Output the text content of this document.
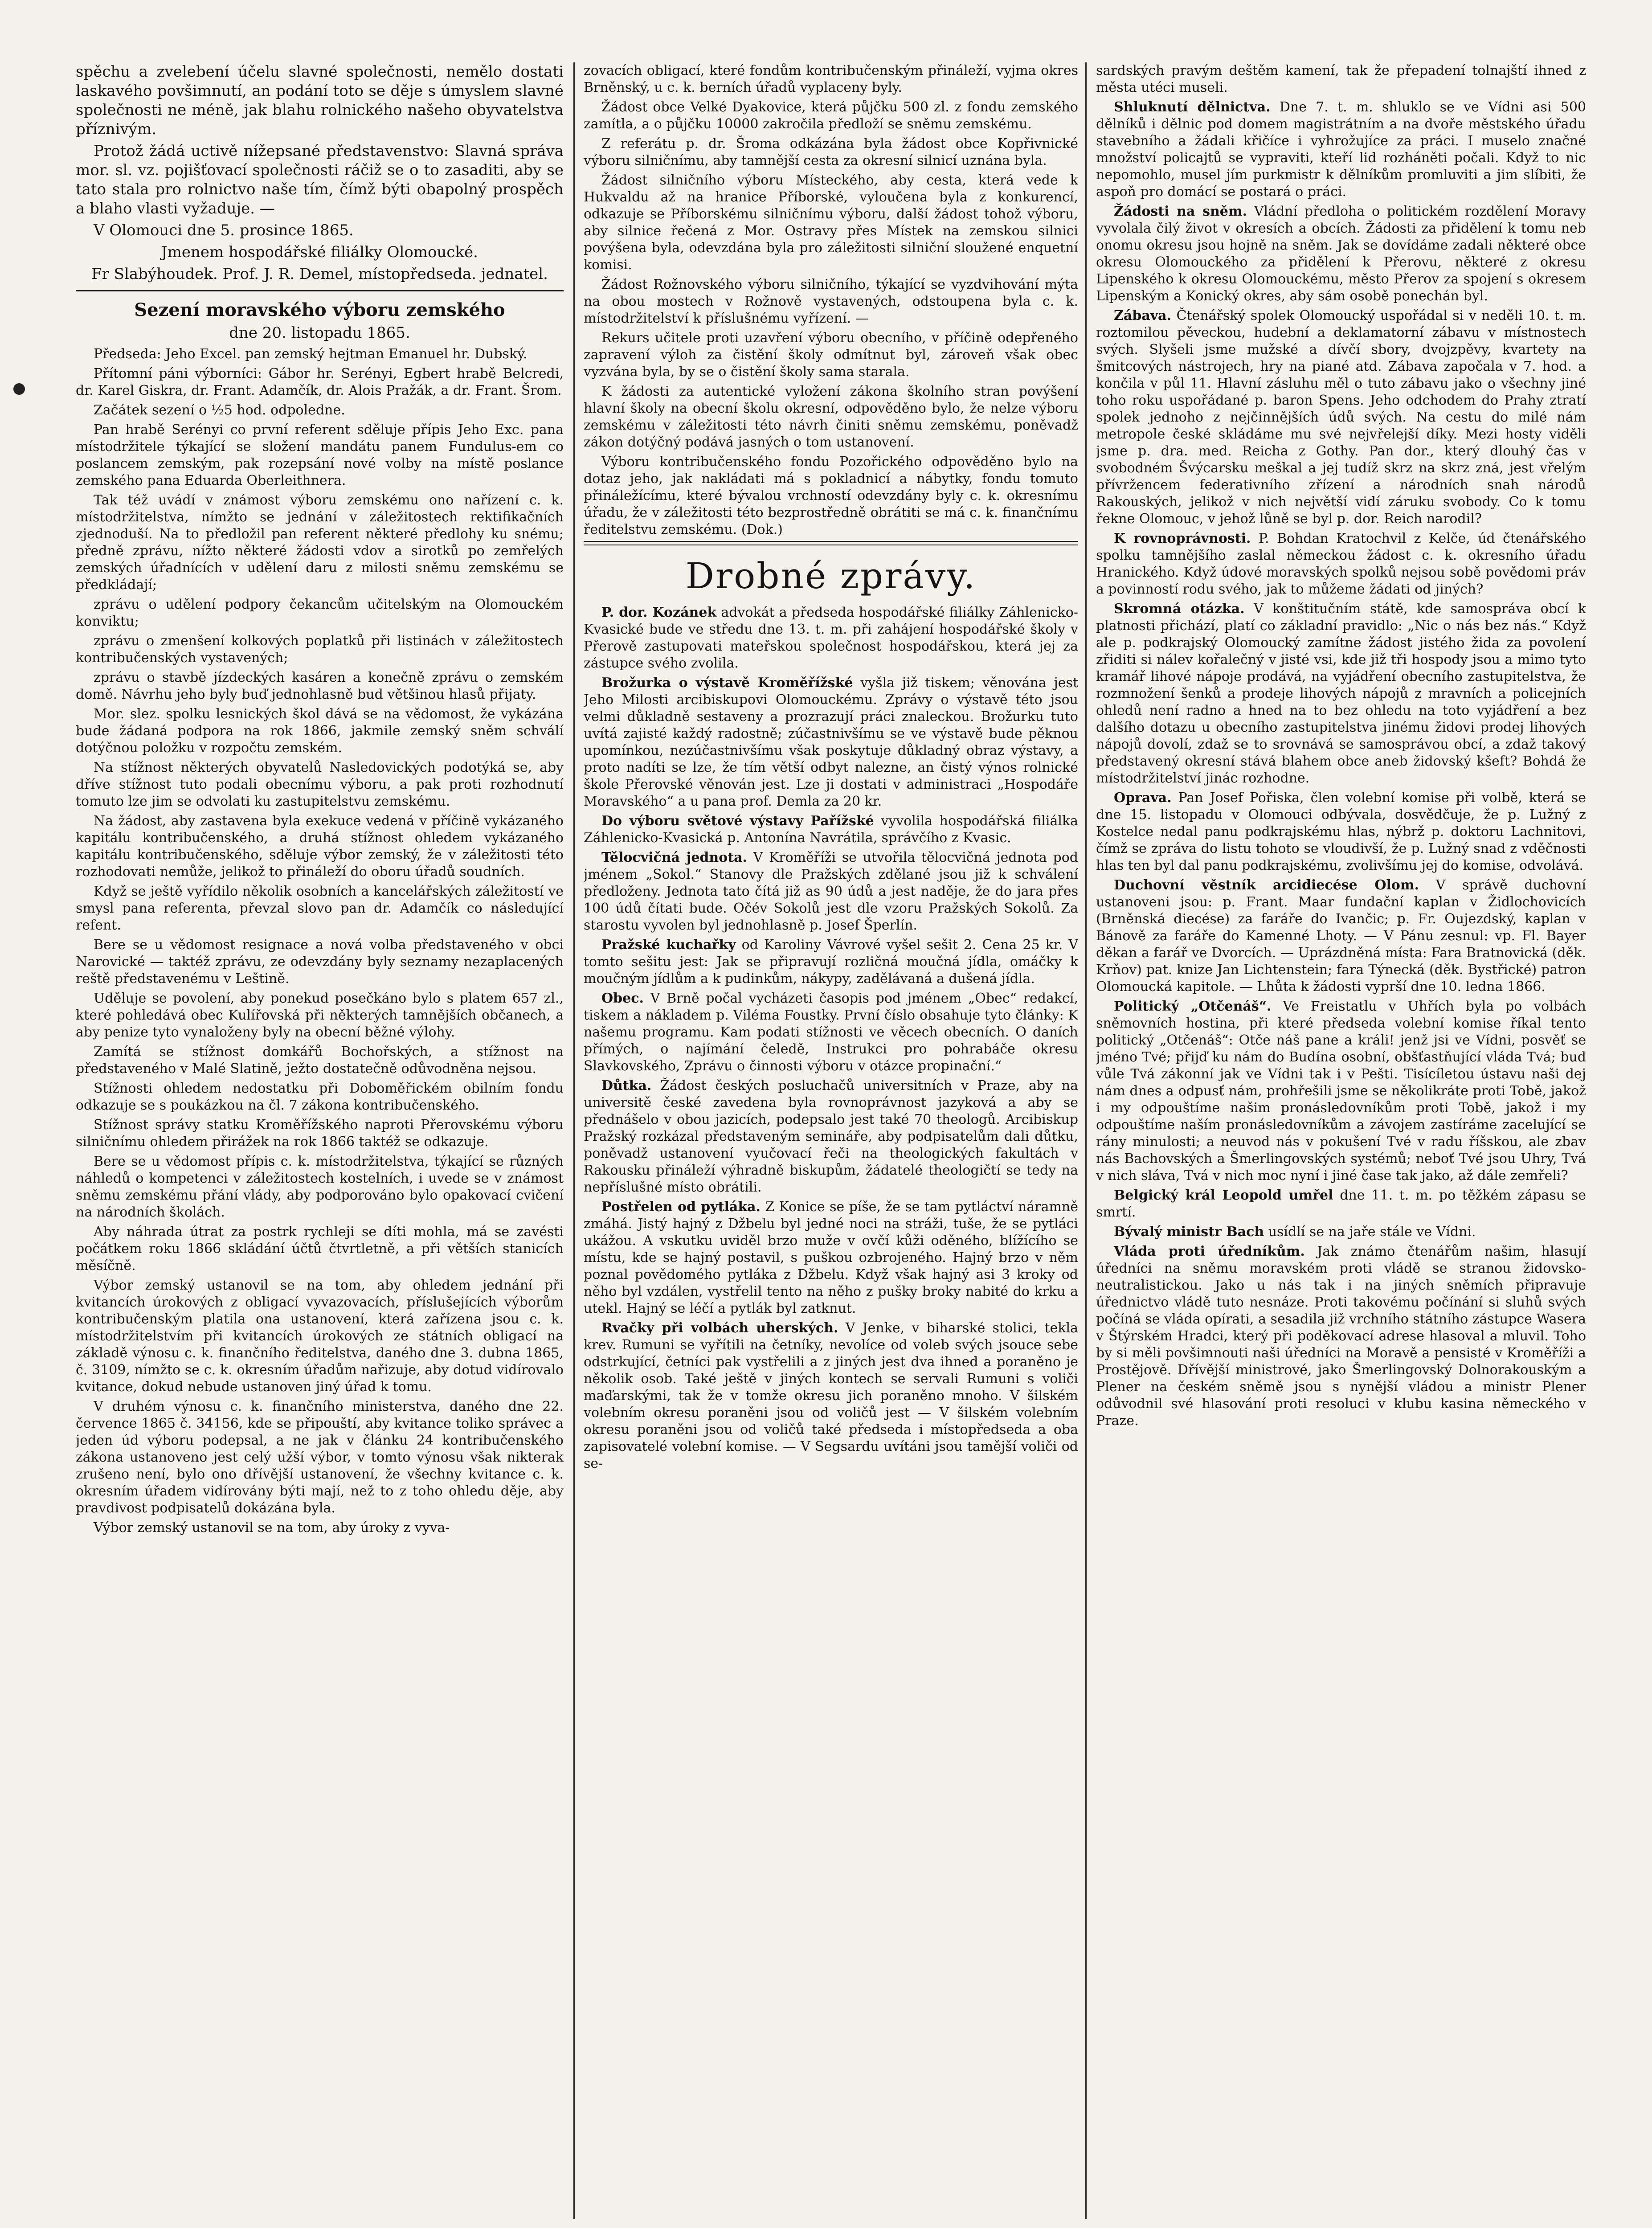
spěchu a zvelebení účelu slavné společnosti, nemělo dostati laskavého povšimnutí, an podání toto se děje s úmyslem slavné společnosti ne méně, jak blahu rolnického našeho obyvatelstva příznivým.

Protož žádá uctivě nížepsané představenstvo: Slavná správa mor. sl. vz. pojišťovací společnosti ráčiž se o to zasaditi, aby se tato stala pro rolnictvo naše tím, čímž býti obapolný prospěch a blaho vlasti vyžaduje. —

V Olomouci dne 5. prosince 1865.

Jmenem hospodářské filiálky Olomoucké.

Fr Slabýhoudek. Prof. J. R. Demel, místopředseda. jednatel.

Sezení moravského výboru zemského

dne 20. listopadu 1865.

Předseda: Jeho Excel. pan zemský hejtman Emanuel hr. Dubský.

Přítomní páni výborníci: Gábor hr. Serényi, Egbert hrabě Belcredi, dr. Karel Giskra, dr. Frant. Adamčík, dr. Alois Pražák, a dr. Frant. Šrom.

Začátek sezení o ½5 hod. odpoledne.

Pan hrabě Serényi co první referent sděluje přípis Jeho Exc. pana místodržitele týkající se složení mandátu panem Fundulus-em co poslancem zemským, pak rozepsání nové volby na místě poslance zemského pana Eduarda Oberleithnera.

Tak též uvádí v známost výboru zemskému ono nařízení c. k. místodržitelstva, nímžto se jednání v záležitostech rektifikačních zjednoduší. Na to předložil pan referent některé předlohy ku snému; předně zprávu, nížto některé žádosti vdov a sirotků po zemřelých zemských úřadnících v udělení daru z milosti sněmu zemskému se předkládají;

zprávu o udělení podpory čekancům učitelským na Olomouckém konviktu;

zprávu o zmenšení kolkových poplatků při listinách v záležitostech kontribučenských vystavených;

zprávu o stavbě jízdeckých kasáren a konečně zprávu o zemském domě. Návrhu jeho byly buď jednohlasně bud většinou hlasů přijaty.

Mor. slez. spolku lesnických škol dává se na vědomost, že vykázána bude žádaná podpora na rok 1866, jakmile zemský sněm schválí dotýčnou položku v rozpočtu zemském.

Na stížnost některých obyvatelů Nasledovických podotýká se, aby dříve stížnost tuto podali obecnímu výboru, a pak proti rozhodnutí tomuto lze jim se odvolati ku zastupitelstvu zemskému.

Na žádost, aby zastavena byla exekuce vedená v příčině vykázaného kapitálu kontribučenského, a druhá stížnost ohledem vykázaného kapitálu kontribučenského, sděluje výbor zemský, že v záležitosti této rozhodovati nemůže, jelikož to přináleží do oboru úřadů soudních.

Když se ještě vyřídilo několik osobních a kancelářských záležitostí ve smysl pana referenta, převzal slovo pan dr. Adamčík co následující refent.

Bere se u vědomost resignace a nová volba představeného v obci Narovické — taktéž zprávu, ze odevzdány byly seznamy nezaplacených reště představenému v Leštině.

Uděluje se povolení, aby ponekud posečkáno bylo s platem 657 zl., které pohledává obec Kulířovská při některých tamnějších občanech, a aby penize tyto vynaloženy byly na obecní běžné výlohy.

Zamítá se stížnost domkářů Bochořských, a stížnost na představeného v Malé Slatině, ježto dostatečně odůvodněna nejsou.

Stížnosti ohledem nedostatku při Doboměřickém obilním fondu odkazuje se s poukázkou na čl. 7 zákona kontribučenského.

Stížnost správy statku Kroměřížského naproti Přerovskému výboru silničnímu ohledem přirážek na rok 1866 taktéž se odkazuje.

Bere se u vědomost přípis c. k. místodržitelstva, týkající se různých náhledů o kompetenci v záležitostech kostelních, i uvede se v známost sněmu zemskému přání vlády, aby podporováno bylo opakovací cvičení na národních školách.

Aby náhrada útrat za postrk rychleji se díti mohla, má se zavésti počátkem roku 1866 skládání účtů čtvrtletně, a při větších stanicích měsíčně.

Výbor zemský ustanovil se na tom, aby ohledem jednání při kvitancích úrokových z obligací vyvazovacích, příslušejících výborům kontribučenským platila ona ustanovení, která zařízena jsou c. k. místodržitelstvím při kvitancích úrokových ze státních obligací na základě výnosu c. k. finančního ředitelstva, daného dne 3. dubna 1865, č. 3109, nímžto se c. k. okresním úřadům nařizuje, aby dotud vidírovalo kvitance, dokud nebude ustanoven jiný úřad k tomu.

V druhém výnosu c. k. finančního ministerstva, daného dne 22. července 1865 č. 34156, kde se připouští, aby kvitance toliko správec a jeden úd výboru podepsal, a ne jak v článku 24 kontribučenského zákona ustanoveno jest celý užší výbor, v tomto výnosu však nikterak zrušeno není, bylo ono dřívější ustanovení, že všechny kvitance c. k. okresním úřadem vidírovány býti mají, než to z toho ohledu děje, aby pravdivost podpisatelů dokázána byla.

Výbor zemský ustanovil se na tom, aby úroky z vyva-

zovacích obligací, které fondům kontribučenským přináleží, vyjma okres Brněnský, u c. k. berních úřadů vyplaceny byly.

Žádost obce Velké Dyakovice, která půjčku 500 zl. z fondu zemského zamítla, a o půjčku 10000 zakročila předloží se sněmu zemskému.

Z referátu p. dr. Šroma odkázána byla žádost obce Kopřivnické výboru silničnímu, aby tamnější cesta za okresní silnicí uznána byla.

Žádost silničního výboru Místeckého, aby cesta, která vede k Hukvaldu až na hranice Příborské, vyloučena byla z konkurencí, odkazuje se Příborskému silničnímu výboru, další žádost tohož výboru, aby silnice řečená z Mor. Ostravy přes Místek na zemskou silnici povýšena byla, odevzdána byla pro záležitosti silniční sloužené enquetní komisi.

Žádost Rožnovského výboru silničního, týkající se vyzdvihování mýta na obou mostech v Rožnově vystavených, odstoupena byla c. k. místodržitelství k příslušnému vyřízení. —

Rekurs učitele proti uzavření výboru obecního, v příčině odepřeného zapravení výloh za čistění školy odmítnut byl, zároveň však obec vyzvána byla, by se o čistění školy sama starala.

K žádosti za autentické vyložení zákona školního stran povýšení hlavní školy na obecní školu okresní, odpověděno bylo, že nelze výboru zemskému v záležitosti této návrh činiti sněmu zemskému, poněvadž zákon dotýčný podává jasných o tom ustanovení.

Výboru kontribučenského fondu Pozořického odpověděno bylo na dotaz jeho, jak nakládati má s pokladnicí a nábytky, fondu tomuto přináležícímu, které bývalou vrchností odevzdány byly c. k. okresnímu úřadu, že v záležitosti této bezprostředně obrátiti se má c. k. finančnímu ředitelstvu zemskému. (Dok.)

Drobné zprávy.

P. dor. Kozánek advokát a předseda hospodářské filiálky Záhlenicko-Kvasické bude ve středu dne 13. t. m. při zahájení hospodářské školy v Přerově zastupovati mateřskou společnost hospodářskou, která jej za zástupce svého zvolila.

Brožurka o výstavě Kroměřížské vyšla již tiskem; věnována jest Jeho Milosti arcibiskupovi Olomouckému. Zprávy o výstavě této jsou velmi důkladně sestaveny a prozrazují práci znaleckou. Brožurku tuto uvítá zajisté každý radostně; zúčastnivšímu se ve výstavě bude pěknou upomínkou, nezúčastnivšímu však poskytuje důkladný obraz výstavy, a proto nadíti se lze, že tím větší odbyt nalezne, an čistý výnos rolnické škole Přerovské věnován jest. Lze ji dostati v administraci „Hospodáře Moravského“ a u pana prof. Demla za 20 kr.

Do výboru světové výstavy Pařížské vyvolila hospodářská filiálka Záhlenicko-Kvasická p. Antonína Navrátila, správčího z Kvasic.

Tělocvičná jednota. V Kroměříži se utvořila tělocvičná jednota pod jménem „Sokol.“ Stanovy dle Pražských zdělané jsou již k schválení předloženy. Jednota tato čítá již as 90 údů a jest naděje, že do jara přes 100 údů čítati bude. Očév Sokolů jest dle vzoru Pražských Sokolů. Za starostu vyvolen byl jednohlasně p. Josef Šperlín.

Pražské kuchařky od Karoliny Vávrové vyšel sešit 2. Cena 25 kr. V tomto sešitu jest: Jak se připravují rozličná moučná jídla, omáčky k moučným jídlům a k pudinkům, nákypy, zadělávaná a dušená jídla.

Obec. V Brně počal vycházeti časopis pod jménem „Obec“ redakcí, tiskem a nákladem p. Viléma Foustky. První číslo obsahuje tyto články: K našemu programu. Kam podati stížnosti ve věcech obecních. O daních přímých, o najímání čeledě, Instrukci pro pohrabáče okresu Slavkovského, Zprávu o činnosti výboru v otázce propinační.“

Důtka. Žádost českých posluchačů universitních v Praze, aby na universitě české zavedena byla rovnoprávnost jazyková a aby se přednášelo v obou jazicích, podepsalo jest také 70 theologů. Arcibiskup Pražský rozkázal představeným semináře, aby podpisatelům dali důtku, poněvadž ustanovení vyučovací řeči na theologických fakultách v Rakousku přináleží výhradně biskupům, žádatelé theologičtí se tedy na nepříslušné místo obrátili.

Postřelen od pytláka. Z Konice se píše, že se tam pytláctví náramně zmáhá. Jistý hajný z Džbelu byl jedné noci na stráži, tuše, že se pytláci ukážou. A vskutku uviděl brzo muže v ovčí kůži oděného, blížícího se místu, kde se hajný postavil, s puškou ozbrojeného. Hajný brzo v něm poznal povědomého pytláka z Džbelu. Když však hajný asi 3 kroky od něho byl vzdálen, vystřelil tento na něho z pušky broky nabité do krku a utekl. Hajný se léčí a pytlák byl zatknut.

Rvačky při volbách uherských. V Jenke, v biharské stolici, tekla krev. Rumuni se vyřítili na četníky, nevolíce od voleb svých jsouce sebe odstrkující, četníci pak vystřelili a z jiných jest dva ihned a poraněno je několik osob. Také ještě v jiných kontech se servali Rumuni s voliči maďarskými, tak že v tomže okresu jich poraněno mnoho. V šilském volebním okresu poraněni jsou od voličů jest — V šilském volebním okresu poraněni jsou od voličů také předseda i místopředseda a oba zapisovatelé volební komise. — V Segsardu uvítáni jsou tamější voliči od se-

sardských pravým deštěm kamení, tak že přepadení tolnajští ihned z města utéci museli.

Shluknutí dělnictva. Dne 7. t. m. shluklo se ve Vídni asi 500 dělníků i dělnic pod domem magistrátním a na dvoře městského úřadu stavebního a žádali křičíce i vyhrožujíce za práci. I muselo značné množství policajtů se vypraviti, kteří lid rozháněti počali. Když to nic nepomohlo, musel jím purkmistr k dělníkům promluviti a jim slíbiti, že aspoň pro domácí se postará o práci.

Žádosti na sněm. Vládní předloha o politickém rozdělení Moravy vyvolala čilý život v okresích a obcích. Žádosti za přidělení k tomu neb onomu okresu jsou hojně na sněm. Jak se dovídáme zadali některé obce okresu Olomouckého za přidělení k Přerovu, některé z okresu Lipenského k okresu Olomouckému, město Přerov za spojení s okresem Lipenským a Konický okres, aby sám osobě ponechán byl.

Zábava. Čtenářský spolek Olomoucký uspořádal si v neděli 10. t. m. roztomilou pěveckou, hudební a deklamatorní zábavu v místnostech svých. Slyšeli jsme mužské a dívčí sbory, dvojzpěvy, kvartety na šmitcových nástrojech, hry na piané atd. Zábava započala v 7. hod. a končila v půl 11. Hlavní zásluhu měl o tuto zábavu jako o všechny jiné toho roku uspořádané p. baron Spens. Jeho odchodem do Prahy ztratí spolek jednoho z nejčinnějších údů svých. Na cestu do milé nám metropole české skládáme mu své nejvřelejší díky. Mezi hosty viděli jsme p. dra. med. Reicha z Gothy. Pan dor., který dlouhý čas v svobodném Švýcarsku meškal a jej tudíž skrz na skrz zná, jest vřelým přívržencem federativního zřízení a národních snah národů Rakouských, jelikož v nich největší vidí záruku svobody. Co k tomu řekne Olomouc, v jehož lůně se byl p. dor. Reich narodil?

K rovnoprávnosti. P. Bohdan Kratochvil z Kelče, úd čtenářského spolku tamnějšího zaslal německou žádost c. k. okresního úřadu Hranického. Když údové moravských spolků nejsou sobě povědomi práv a povinností rodu svého, jak to můžeme žádati od jiných?

Skromná otázka. V konštitučním státě, kde samospráva obcí k platnosti přichází, platí co základní pravidlo: „Nic o nás bez nás.“ Když ale p. podkrajský Olomoucký zamítne žádost jistého žida za povolení zřiditi si nálev kořalečný v jisté vsi, kde již tři hospody jsou a mimo tyto kramář lihové nápoje prodává, na vyjádření obecního zastupitelstva, že rozmnožení šenků a prodeje lihových nápojů z mravních a policejních ohledů není radno a hned na to bez ohledu na toto vyjádření a bez dalšího dotazu u obecního zastupitelstva jinému židovi prodej lihových nápojů dovolí, zdaž se to srovnává se samosprávou obcí, a zdaž takový představený okresní stává blahem obce aneb židovský kšeft? Bohdá že místodržitelství jinác rozhodne.

Oprava. Pan Josef Pořiska, člen volební komise při volbě, která se dne 15. listopadu v Olomouci odbývala, dosvědčuje, že p. Lužný z Kostelce nedal panu podkrajskému hlas, nýbrž p. doktoru Lachnitovi, čímž se zpráva do listu tohoto se vloudivší, že p. Lužný snad z vděčnosti hlas ten byl dal panu podkrajskému, zvolivšímu jej do komise, odvolává.

Duchovní věstník arcidiecése Olom. V správě duchovní ustanoveni jsou: p. Frant. Maar fundační kaplan v Židlochovicích (Brněnská diecése) za faráře do Ivančic; p. Fr. Oujezdský, kaplan v Bánově za faráře do Kamenné Lhoty. — V Pánu zesnul: vp. Fl. Bayer děkan a farář ve Dvorcích. — Uprázdněná místa: Fara Bratnovická (děk. Krňov) pat. knize Jan Lichtenstein; fara Týnecká (děk. Bystřické) patron Olomoucká kapitole. — Lhůta k žádosti vyprší dne 10. ledna 1866.

Politický „Otčenáš“. Ve Freistatlu v Uhřích byla po volbách sněmovních hostina, při které předseda volební komise říkal tento politický „Otčenáš“: Otče náš pane a králi! jenž jsi ve Vídni, posvěť se jméno Tvé; přijď ku nám do Budína osobní, obšťastňující vláda Tvá; buď vůle Tvá zákonní jak ve Vídni tak i v Pešti. Tisícíletou ústavu naši dej nám dnes a odpusť nám, prohřešili jsme se několikráte proti Tobě, jakož i my odpouštíme našim pronásledovníkům proti Tobě, jakož i my odpouštíme naším pronásledovníkům a závojem zastíráme zacelující se rány minulosti; a neuvod nás v pokušení Tvé v radu říšskou, ale zbav nás Bachovských a Šmerlingovských systémů; neboť Tvé jsou Uhry, Tvá v nich sláva, Tvá v nich moc nyní i jiné čase tak jako, až dále zemřeli?

Belgický král Leopold umřel dne 11. t. m. po těžkém zápasu se smrtí.

Bývalý ministr Bach usídlí se na jaře stále ve Vídni.

Vláda proti úředníkům. Jak známo čtenářům našim, hlasují úředníci na sněmu moravském proti vládě se stranou židovsko-neutralistickou. Jako u nás tak i na jiných sněmích připravuje úřednictvo vládě tuto nesnáze. Proti takovému počínání si sluhů svých počíná se vláda opírati, a sesadila již vrchního státního zástupce Wasera v Štýrském Hradci, který při poděkovací adrese hlasoval a mluvil. Toho by si měli povšimnouti naši úředníci na Moravě a pensisté v Kroměříži a Prostějově. Dřívější ministrové, jako Šmerlingovský Dolnorakouským a Plener na českém sněmě jsou s nynější vládou a ministr Plener odůvodnil své hlasování proti resoluci v klubu kasina německého v Praze.
